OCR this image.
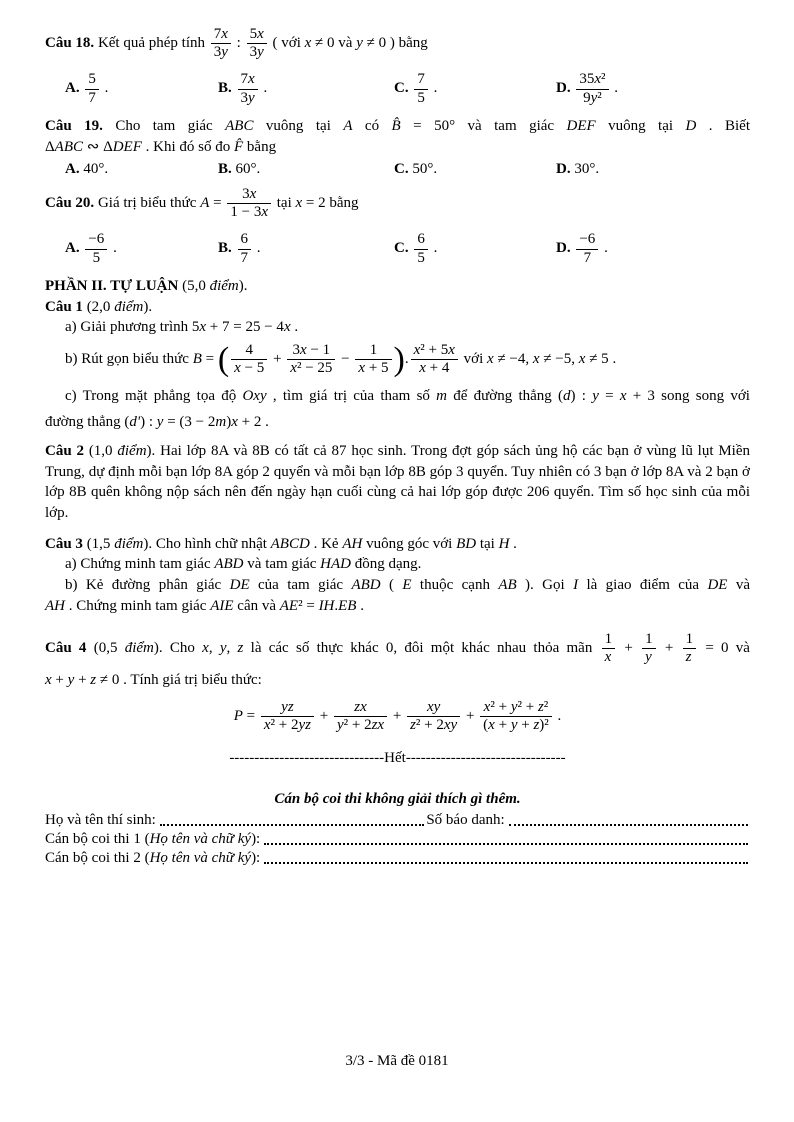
Câu 18. Kết quả phép tính $\frac{7x}{3y}$ : $\frac{5x}{3y}$ ( với x ≠ 0 và y ≠ 0 ) bằng
A. $\frac{5}{7}$ .	B. $\frac{7x}{3y}$ .	C. $\frac{7}{5}$ .	D. $\frac{\text{35x²}}{\text{9y²}}$ .
Câu 19. Cho tam giác ABC vuông tại A có B̂ = 50° và tam giác DEF vuông tại D . Biết
ΔABC ∾ ΔDEF . Khi đó số đo F̂ bằng
A. 40°.	B. 60°.	C. 50°.	D. 30°.
Câu 20. Giá trị biểu thức $A = \frac{3x}{1 - 3x}$ tại x = 2 bằng
A. $\frac{-6}{5}$ .	B. $\frac{6}{7}$ .	C. $\frac{6}{5}$ .	D. $\frac{-6}{7}$ .
PHẦN II. TỰ LUẬN (5,0 điểm).
Câu 1 (2,0 điểm).
a) Giải phương trình 5x + 7 = 25 − 4x .
b) Rút gọn biểu thức B = ( $\frac{4}{x - 5} + \frac{3x - 1}{\text{x² − 25}} - \frac{1}{x + 5}$ ). $\frac{\text{x² + 5x}}{x + 4}$ với x ≠ −4, x ≠ −5, x ≠ 5 .
c) Trong mặt phẳng tọa độ Oxy , tìm giá trị của tham số m để đường thẳng (d) : y = x + 3 song song với
đường thẳng (d') : y = (3 − 2m)x + 2 .
Câu 2 (1,0 điểm). Hai lớp 8A và 8B có tất cả 87 học sinh. Trong đợt góp sách ủng hộ các bạn ở vùng lũ lụt Miền Trung, dự định mỗi bạn lớp 8A góp 2 quyển và mỗi bạn lớp 8B góp 3 quyển. Tuy nhiên có 3 bạn ở lớp 8A và 2 bạn ở lớp 8B quên không nộp sách nên đến ngày hạn cuối cùng cả hai lớp góp được 206 quyển. Tìm số học sinh của mỗi lớp.
Câu 3 (1,5 điểm). Cho hình chữ nhật ABCD . Kẻ AH vuông góc với BD tại H .
a) Chứng minh tam giác ABD và tam giác HAD đồng dạng.
b) Kẻ đường phân giác DE của tam giác ABD ( E thuộc cạnh AB ). Gọi I là giao điểm của DE và
AH . Chứng minh tam giác AIE cân và AE² = IH.EB .
Câu 4 (0,5 điểm). Cho x, y, z là các số thực khác 0, đôi một khác nhau thỏa mãn $\frac{1}{x} + \frac{1}{y} + \frac{1}{z} = 0$ và
x + y + z ≠ 0 . Tính giá trị biểu thức:
$P = \frac{yz}{\text{x² + 2yz}} + \frac{zx}{\text{y² + 2zx}} + \frac{xy}{\text{z² + 2xy}} + \frac{\text{x² + y² + z²}}{\text{(x + y + z)²}}$ .
-------------------------------Hết--------------------------------
Cán bộ coi thi không giải thích gì thêm.
Họ và tên thí sinh:	Số báo danh:
Cán bộ coi thi 1 (Họ tên và chữ ký):
Cán bộ coi thi 2 (Họ tên và chữ ký):
3/3 - Mã đề 0181
